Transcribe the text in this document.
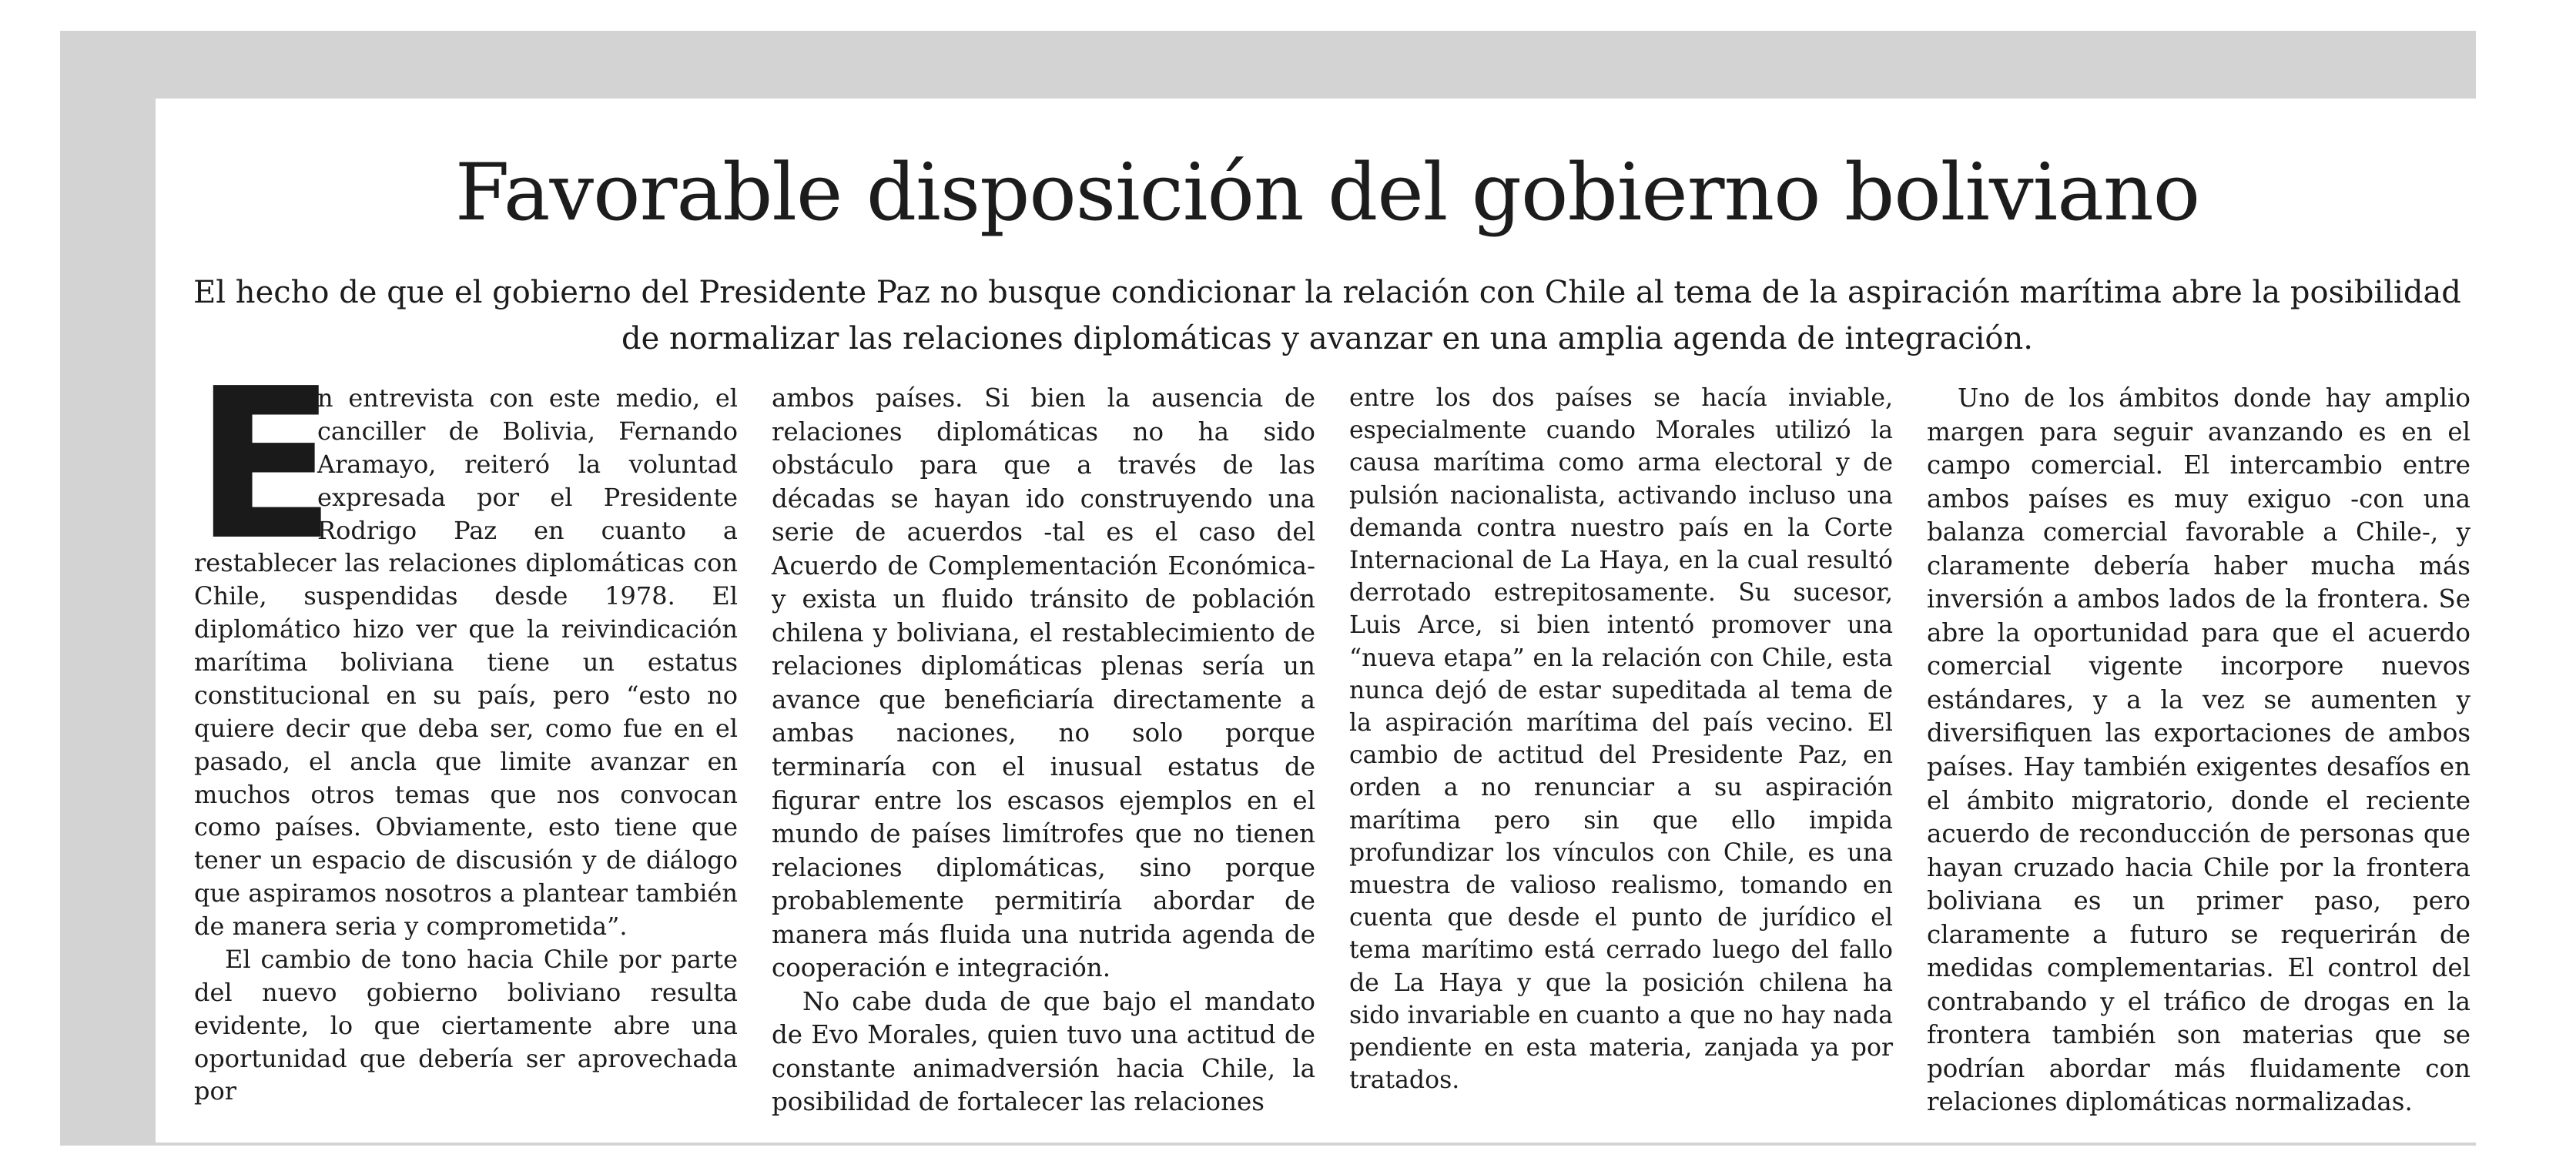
Favorable disposición del gobierno boliviano

El hecho de que el gobierno del Presidente Paz no busque condicionar la relación con Chile al tema de la aspiración marítima abre la posibilidad de normalizar las relaciones diplomáticas y avanzar en una amplia agenda de integración.

E
n entrevista con este medio, el canciller de Bolivia, Fernando Aramayo, reiteró la voluntad expresada por el Presidente Rodrigo Paz en cuanto a restablecer las relaciones diplomáticas con Chile, suspendidas desde 1978. El diplomático hizo ver que la reivindicación marítima boliviana tiene un estatus constitucional en su país, pero “esto no quiere decir que deba ser, como fue en el pasado, el ancla que limite avanzar en muchos otros temas que nos convocan como países. Obviamente, esto tiene que tener un espacio de discusión y de diálogo que aspiramos nosotros a plantear también de manera seria y comprometida”.

El cambio de tono hacia Chile por parte del nuevo gobierno boliviano resulta evidente, lo que ciertamente abre una oportunidad que debería ser aprovechada por

ambos países. Si bien la ausencia de relaciones diplomáticas no ha sido obstáculo para que a través de las décadas se hayan ido construyendo una serie de acuerdos -tal es el caso del Acuerdo de Complementación Económica- y exista un fluido tránsito de población chilena y boliviana, el restablecimiento de relaciones diplomáticas plenas sería un avance que beneficiaría directamente a ambas naciones, no solo porque terminaría con el inusual estatus de figurar entre los escasos ejemplos en el mundo de países limítrofes que no tienen relaciones diplomáticas, sino porque probablemente permitiría abordar de manera más fluida una nutrida agenda de cooperación e integración.

No cabe duda de que bajo el mandato de Evo Morales, quien tuvo una actitud de constante animadversión hacia Chile, la posibilidad de fortalecer las relaciones

entre los dos países se hacía inviable, especialmente cuando Morales utilizó la causa marítima como arma electoral y de pulsión nacionalista, activando incluso una demanda contra nuestro país en la Corte Internacional de La Haya, en la cual resultó derrotado estrepitosamente. Su sucesor, Luis Arce, si bien intentó promover una “nueva etapa” en la relación con Chile, esta nunca dejó de estar supeditada al tema de la aspiración marítima del país vecino. El cambio de actitud del Presidente Paz, en orden a no renunciar a su aspiración marítima pero sin que ello impida profundizar los vínculos con Chile, es una muestra de valioso realismo, tomando en cuenta que desde el punto de jurídico el tema marítimo está cerrado luego del fallo de La Haya y que la posición chilena ha sido invariable en cuanto a que no hay nada pendiente en esta materia, zanjada ya por tratados.

Uno de los ámbitos donde hay amplio margen para seguir avanzando es en el campo comercial. El intercambio entre ambos países es muy exiguo -con una balanza comercial favorable a Chile-, y claramente debería haber mucha más inversión a ambos lados de la frontera. Se abre la oportunidad para que el acuerdo comercial vigente incorpore nuevos estándares, y a la vez se aumenten y diversifiquen las exportaciones de ambos países. Hay también exigentes desafíos en el ámbito migratorio, donde el reciente acuerdo de reconducción de personas que hayan cruzado hacia Chile por la frontera boliviana es un primer paso, pero claramente a futuro se requerirán de medidas complementarias. El control del contrabando y el tráfico de drogas en la frontera también son materias que se podrían abordar más fluidamente con relaciones diplomáticas normalizadas.
